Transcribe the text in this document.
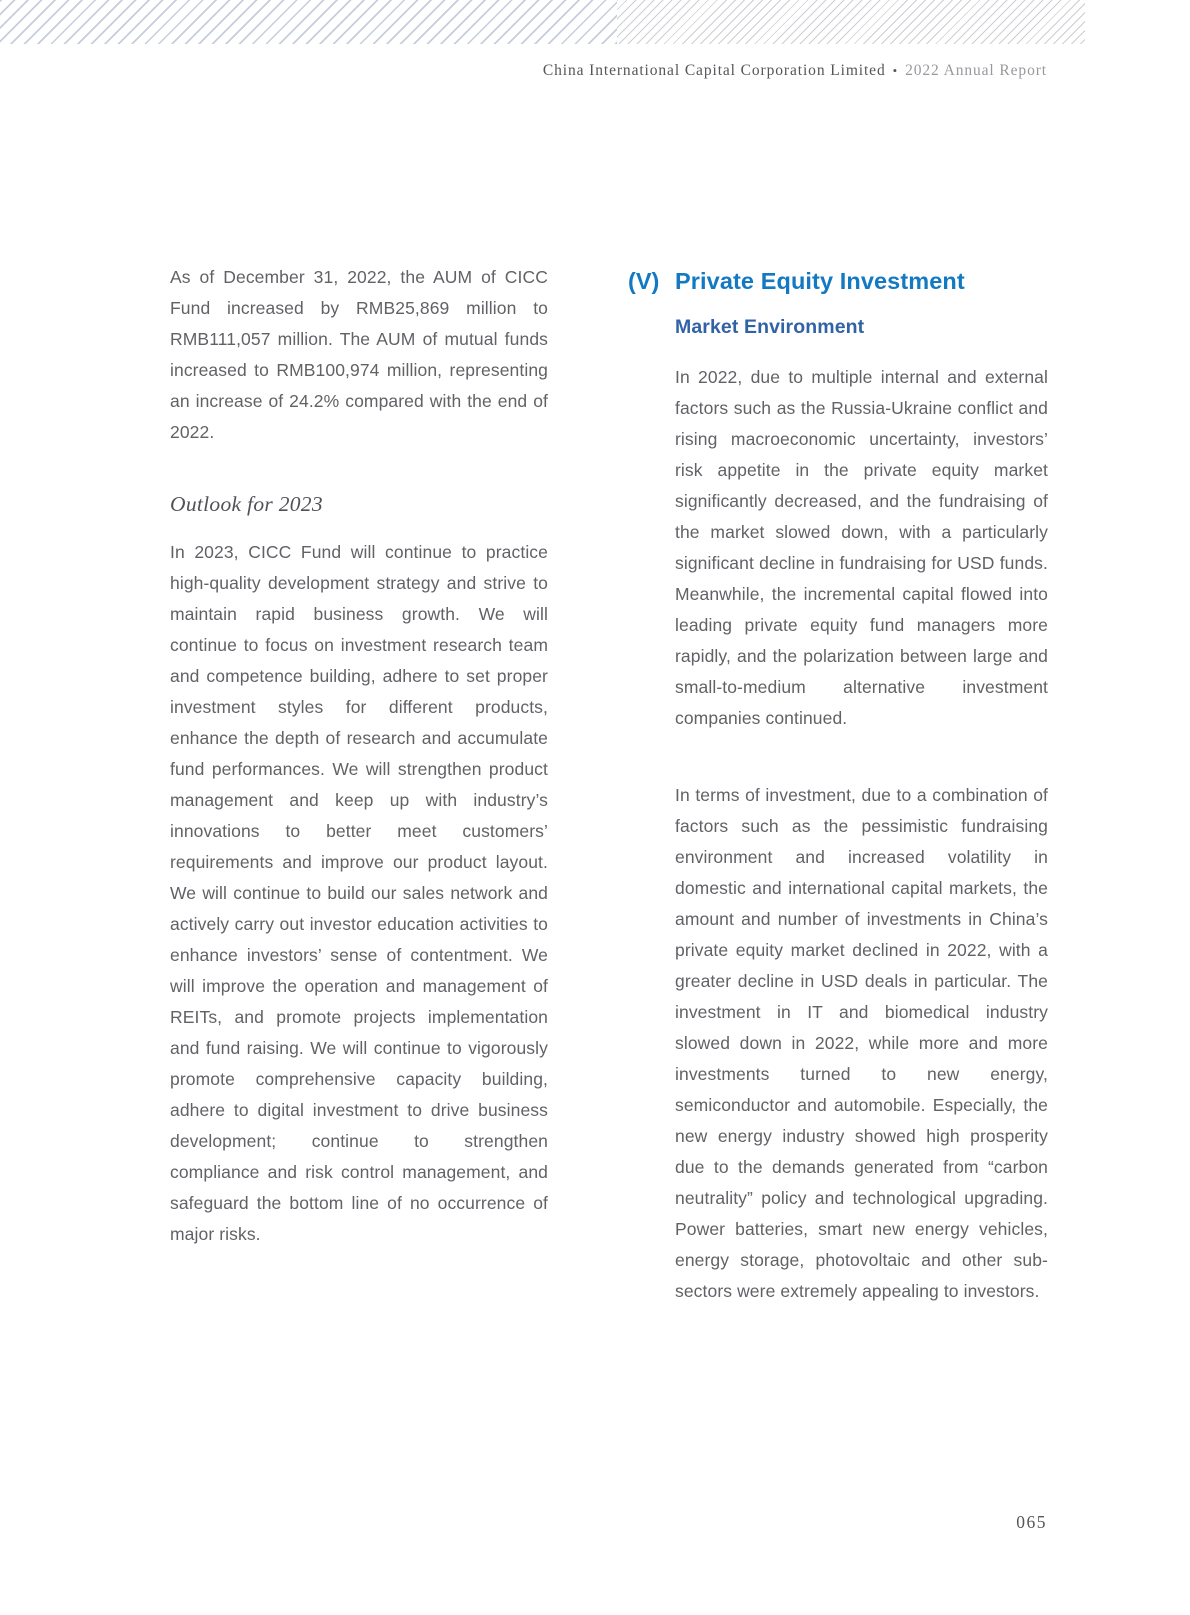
China International Capital Corporation Limited • 2022 Annual Report

As of December 31, 2022, the AUM of CICC Fund increased by RMB25,869 million to RMB111,057 million. The AUM of mutual funds increased to RMB100,974 million, representing an increase of 24.2% compared with the end of 2022.

Outlook for 2023

In 2023, CICC Fund will continue to practice high-quality development strategy and strive to maintain rapid business growth. We will continue to focus on investment research team and competence building, adhere to set proper investment styles for different products, enhance the depth of research and accumulate fund performances. We will strengthen product management and keep up with industry’s innovations to better meet customers’ requirements and improve our product layout. We will continue to build our sales network and actively carry out investor education activities to enhance investors’ sense of contentment. We will improve the operation and management of REITs, and promote projects implementation and fund raising. We will continue to vigorously promote comprehensive capacity building, adhere to digital investment to drive business development; continue to strengthen compliance and risk control management, and safeguard the bottom line of no occurrence of major risks.

(V) Private Equity Investment
Market Environment

In 2022, due to multiple internal and external factors such as the Russia-Ukraine conflict and rising macroeconomic uncertainty, investors’ risk appetite in the private equity market significantly decreased, and the fundraising of the market slowed down, with a particularly significant decline in fundraising for USD funds. Meanwhile, the incremental capital flowed into leading private equity fund managers more rapidly, and the polarization between large and small-to-medium alternative investment companies continued.

In terms of investment, due to a combination of factors such as the pessimistic fundraising environment and increased volatility in domestic and international capital markets, the amount and number of investments in China’s private equity market declined in 2022, with a greater decline in USD deals in particular. The investment in IT and biomedical industry slowed down in 2022, while more and more investments turned to new energy, semiconductor and automobile. Especially, the new energy industry showed high prosperity due to the demands generated from “carbon neutrality” policy and technological upgrading. Power batteries, smart new energy vehicles, energy storage, photovoltaic and other sub-sectors were extremely appealing to investors.

065
